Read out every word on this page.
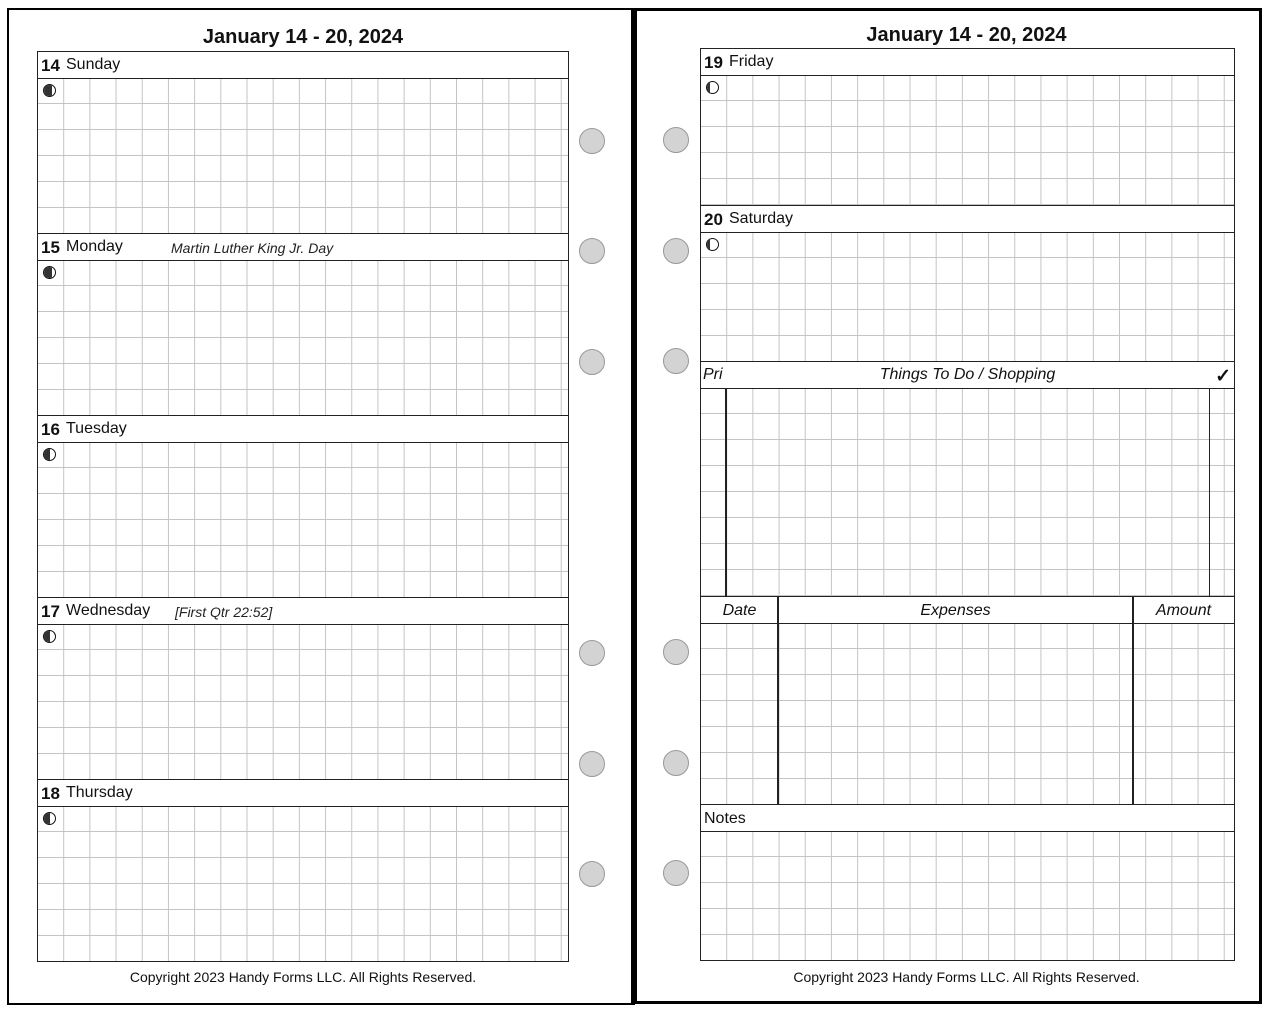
January 14 - 20, 2024
14 Sunday
15 Monday	Martin Luther King Jr. Day
16 Tuesday
17 Wednesday [First Qtr 22:52]
18 Thursday
Copyright 2023 Handy Forms LLC. All Rights Reserved.
January 14 - 20, 2024
19 Friday
20 Saturday
Pri	Things To Do / Shopping	✓
Date	Expenses	Amount
Notes
Copyright 2023 Handy Forms LLC. All Rights Reserved.
